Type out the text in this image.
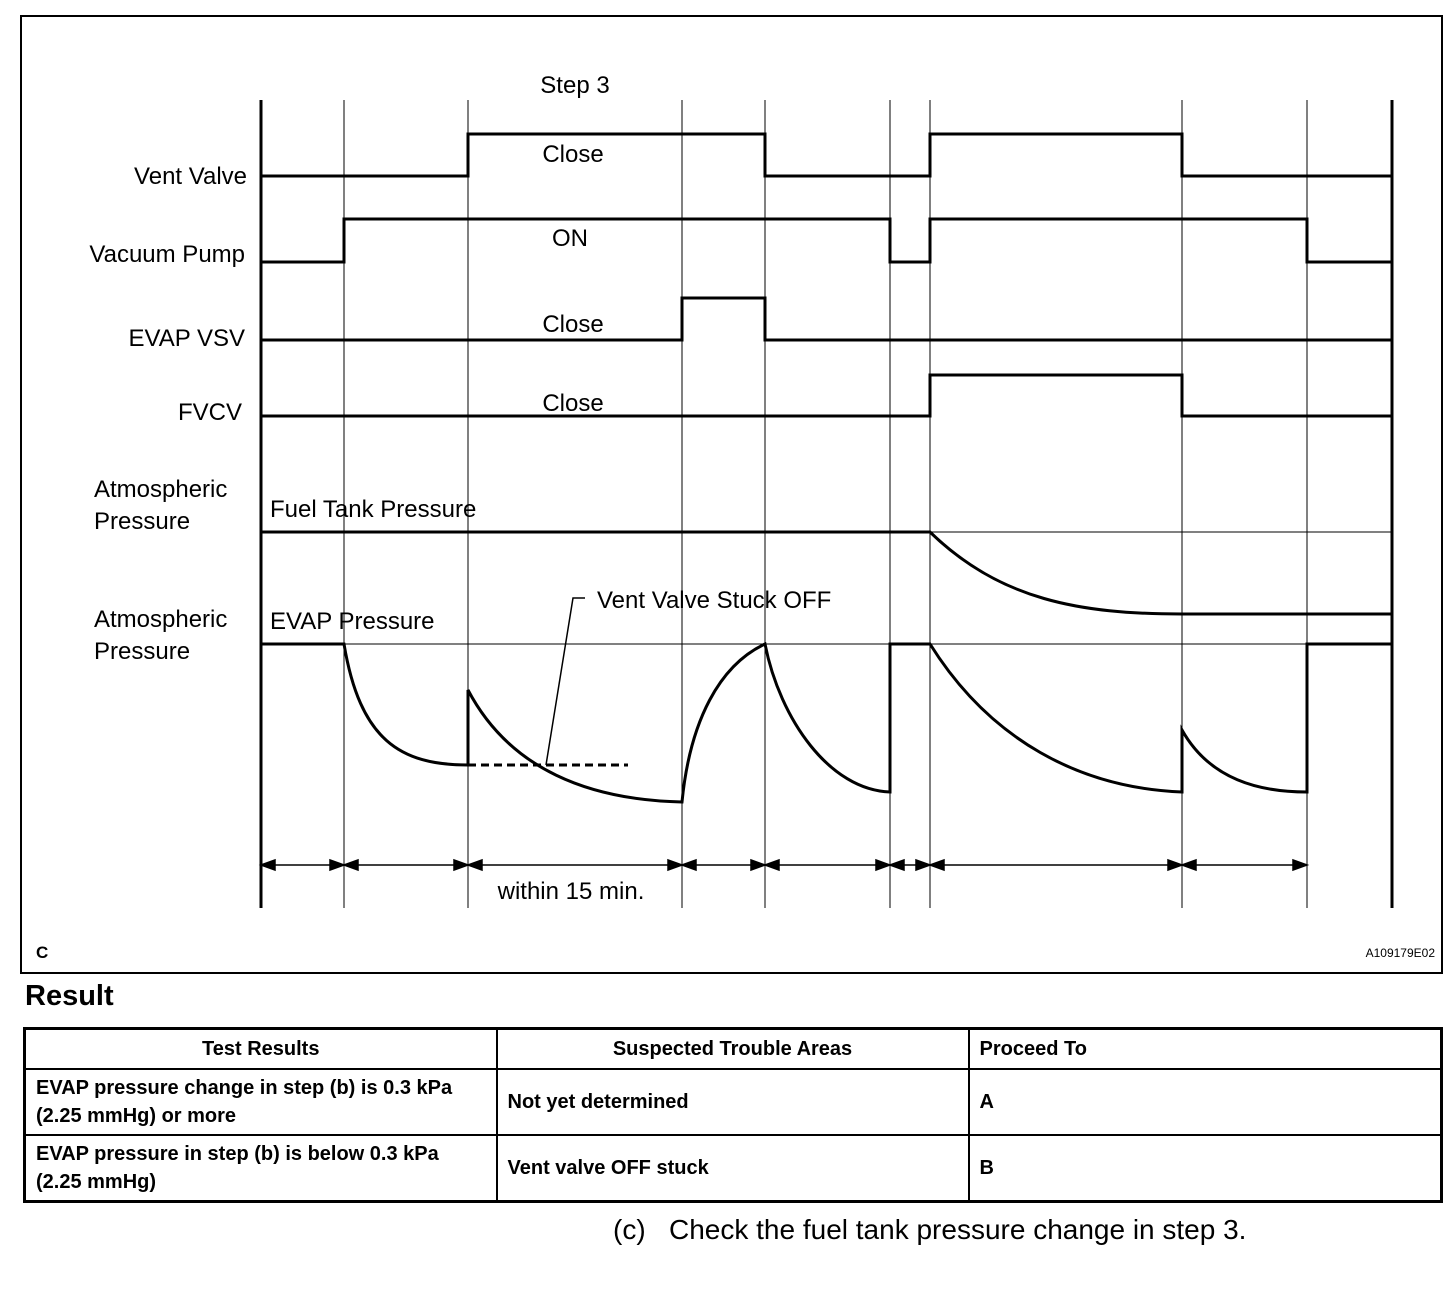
Step 3
Vent Valve
Vacuum Pump
EVAP VSV
FVCV
Atmospheric
Pressure
Atmospheric
Pressure
Close
ON
Close
Close
Fuel Tank Pressure
EVAP Pressure
Vent Valve Stuck OFF
within 15 min.
C	A109179E02
Result
Test Results	Suspected Trouble Areas	Proceed To
EVAP pressure change in step (b) is 0.3 kPa (2.25 mmHg) or more	Not yet determined	A
EVAP pressure in step (b) is below 0.3 kPa (2.25 mmHg)	Vent valve OFF stuck	B

(c) Check the fuel tank pressure change in step 3.
